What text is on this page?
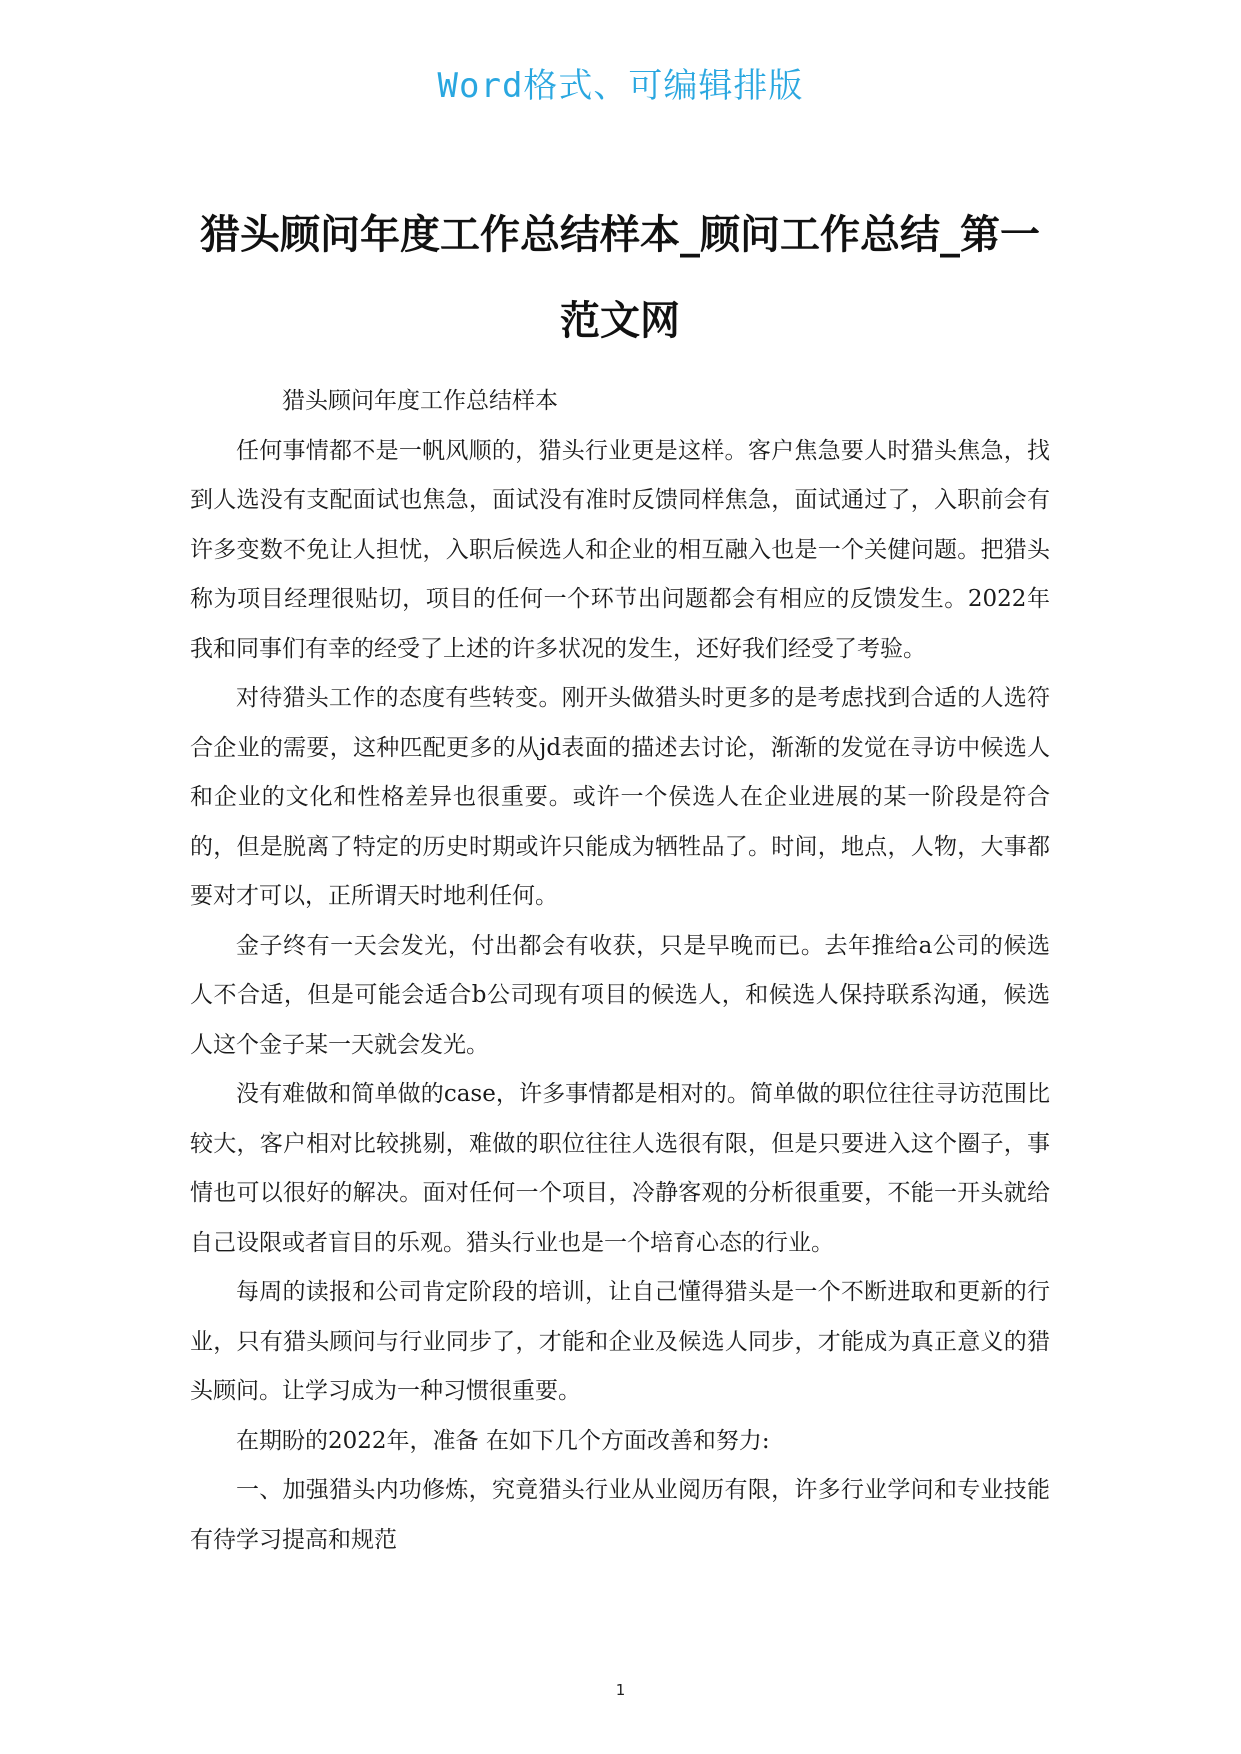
Word格式、可编辑排版
猎头顾问年度工作总结样本_顾问工作总结_第一范文网

猎头顾问年度工作总结样本

任何事情都不是一帆风顺的，猎头行业更是这样。客户焦急要人时猎头焦急，找到人选没有支配面试也焦急，面试没有准时反馈同样焦急，面试通过了，入职前会有许多变数不免让人担忧，入职后候选人和企业的相互融入也是一个关健问题。把猎头称为项目经理很贴切，项目的任何一个环节出问题都会有相应的反馈发生。2022年我和同事们有幸的经受了上述的许多状况的发生，还好我们经受了考验。

对待猎头工作的态度有些转变。刚开头做猎头时更多的是考虑找到合适的人选符合企业的需要，这种匹配更多的从jd表面的描述去讨论，渐渐的发觉在寻访中候选人和企业的文化和性格差异也很重要。或许一个侯选人在企业进展的某一阶段是符合的，但是脱离了特定的历史时期或许只能成为牺牲品了。时间，地点，人物，大事都要对才可以，正所谓天时地利任何。

金子终有一天会发光，付出都会有收获，只是早晚而已。去年推给a公司的候选人不合适，但是可能会适合b公司现有项目的候选人，和候选人保持联系沟通，候选人这个金子某一天就会发光。

没有难做和简单做的case，许多事情都是相对的。简单做的职位往往寻访范围比较大，客户相对比较挑剔，难做的职位往往人选很有限，但是只要进入这个圈子，事情也可以很好的解决。面对任何一个项目，冷静客观的分析很重要，不能一开头就给自己设限或者盲目的乐观。猎头行业也是一个培育心态的行业。

每周的读报和公司肯定阶段的培训，让自己懂得猎头是一个不断进取和更新的行业，只有猎头顾问与行业同步了，才能和企业及候选人同步，才能成为真正意义的猎头顾问。让学习成为一种习惯很重要。

在期盼的2022年，准备 在如下几个方面改善和努力:

一、加强猎头内功修炼，究竟猎头行业从业阅历有限，许多行业学问和专业技能有待学习提高和规范

1
